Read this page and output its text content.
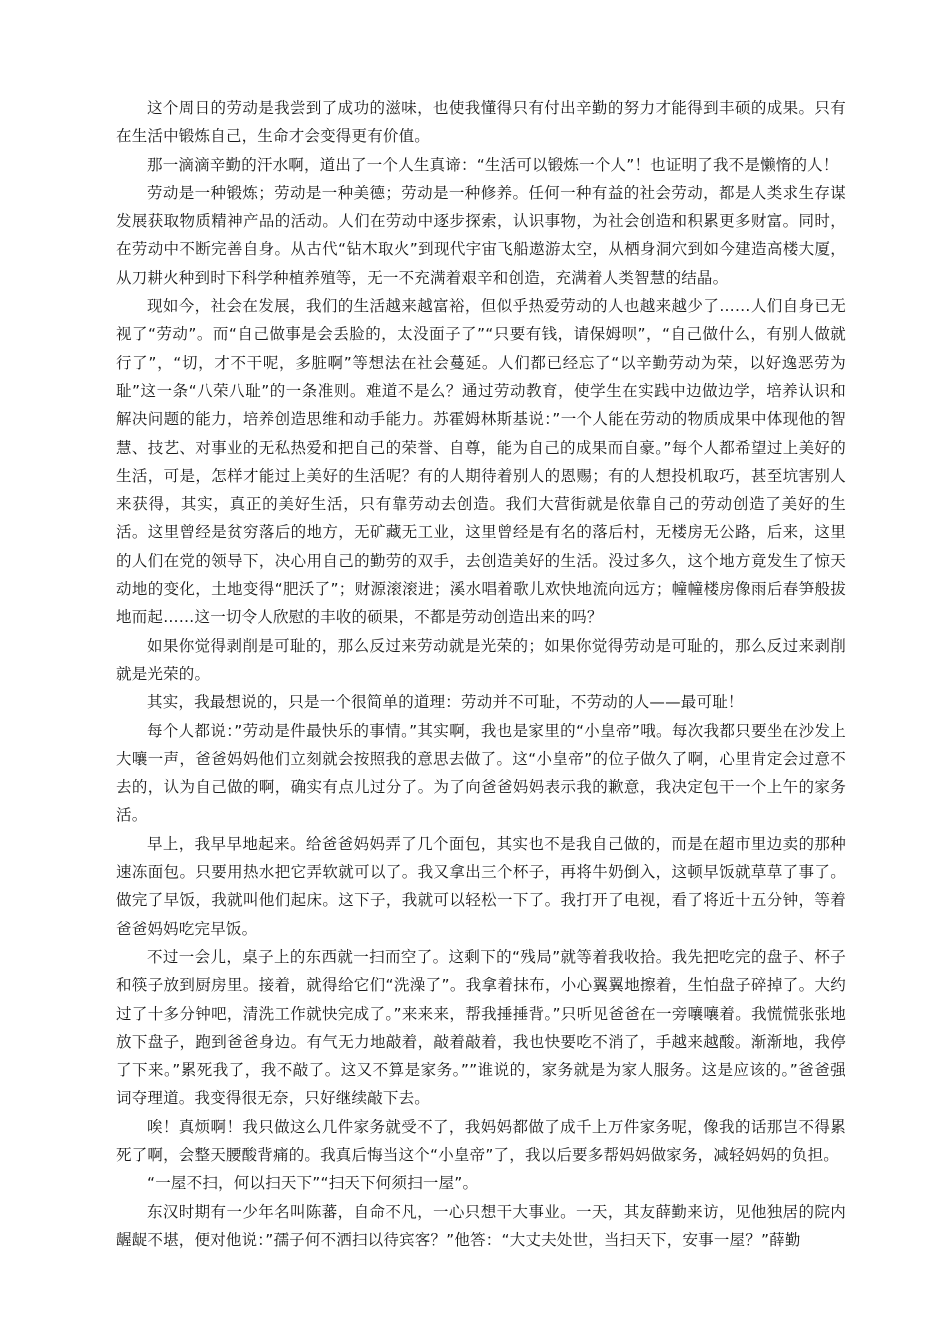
这个周日的劳动是我尝到了成功的滋味，也使我懂得只有付出辛勤的努力才能得到丰硕的成果。只有在生活中锻炼自己，生命才会变得更有价值。

那一滴滴辛勤的汗水啊，道出了一个人生真谛：“生活可以锻炼一个人”！也证明了我不是懒惰的人！

劳动是一种锻炼；劳动是一种美德；劳动是一种修养。任何一种有益的社会劳动，都是人类求生存谋发展获取物质精神产品的活动。人们在劳动中逐步探索，认识事物，为社会创造和积累更多财富。同时，在劳动中不断完善自身。从古代“钻木取火”到现代宇宙飞船遨游太空，从栖身洞穴到如今建造高楼大厦，从刀耕火种到时下科学种植养殖等，无一不充满着艰辛和创造，充满着人类智慧的结晶。

现如今，社会在发展，我们的生活越来越富裕，但似乎热爱劳动的人也越来越少了……人们自身已无视了“劳动”。而“自己做事是会丢脸的，太没面子了”“只要有钱，请保姆呗”，“自己做什么，有别人做就行了”，“切，才不干呢，多脏啊”等想法在社会蔓延。人们都已经忘了“以辛勤劳动为荣，以好逸恶劳为耻”这一条“八荣八耻”的一条准则。难道不是么？通过劳动教育，使学生在实践中边做边学，培养认识和解决问题的能力，培养创造思维和动手能力。苏霍姆林斯基说：”一个人能在劳动的物质成果中体现他的智慧、技艺、对事业的无私热爱和把自己的荣誉、自尊，能为自己的成果而自豪。”每个人都希望过上美好的生活，可是，怎样才能过上美好的生活呢？有的人期待着别人的恩赐；有的人想投机取巧，甚至坑害别人来获得，其实，真正的美好生活，只有靠劳动去创造。我们大营街就是依靠自己的劳动创造了美好的生活。这里曾经是贫穷落后的地方，无矿藏无工业，这里曾经是有名的落后村，无楼房无公路，后来，这里的人们在党的领导下，决心用自己的勤劳的双手，去创造美好的生活。没过多久，这个地方竟发生了惊天动地的变化，土地变得“肥沃了”；财源滚滚进；溪水唱着歌儿欢快地流向远方；幢幢楼房像雨后春笋般拔地而起……这一切令人欣慰的丰收的硕果，不都是劳动创造出来的吗？

如果你觉得剥削是可耻的，那么反过来劳动就是光荣的；如果你觉得劳动是可耻的，那么反过来剥削就是光荣的。

其实，我最想说的，只是一个很简单的道理：劳动并不可耻，不劳动的人——最可耻！

每个人都说：”劳动是件最快乐的事情。”其实啊，我也是家里的“小皇帝”哦。每次我都只要坐在沙发上大嚷一声，爸爸妈妈他们立刻就会按照我的意思去做了。这“小皇帝”的位子做久了啊，心里肯定会过意不去的，认为自己做的啊，确实有点儿过分了。为了向爸爸妈妈表示我的歉意，我决定包干一个上午的家务活。

早上，我早早地起来。给爸爸妈妈弄了几个面包，其实也不是我自己做的，而是在超市里边卖的那种速冻面包。只要用热水把它弄软就可以了。我又拿出三个杯子，再将牛奶倒入，这顿早饭就草草了事了。做完了早饭，我就叫他们起床。这下子，我就可以轻松一下了。我打开了电视，看了将近十五分钟，等着爸爸妈妈吃完早饭。

不过一会儿，桌子上的东西就一扫而空了。这剩下的“残局”就等着我收拾。我先把吃完的盘子、杯子和筷子放到厨房里。接着，就得给它们“洗澡了”。我拿着抹布，小心翼翼地擦着，生怕盘子碎掉了。大约过了十多分钟吧，清洗工作就快完成了。”来来来，帮我捶捶背。”只听见爸爸在一旁嚷嚷着。我慌慌张张地放下盘子，跑到爸爸身边。有气无力地敲着，敲着敲着，我也快要吃不消了，手越来越酸。渐渐地，我停了下来。”累死我了，我不敲了。这又不算是家务。””谁说的，家务就是为家人服务。这是应该的。”爸爸强词夺理道。我变得很无奈，只好继续敲下去。

唉！真烦啊！我只做这么几件家务就受不了，我妈妈都做了成千上万件家务呢，像我的话那岂不得累死了啊，会整天腰酸背痛的。我真后悔当这个“小皇帝”了，我以后要多帮妈妈做家务，减轻妈妈的负担。

“一屋不扫，何以扫天下”“扫天下何须扫一屋”。

东汉时期有一少年名叫陈蕃，自命不凡，一心只想干大事业。一天，其友薛勤来访，见他独居的院内龌龊不堪，便对他说：”孺子何不洒扫以待宾客？”他答：“大丈夫处世，当扫天下，安事一屋？”薛勤
